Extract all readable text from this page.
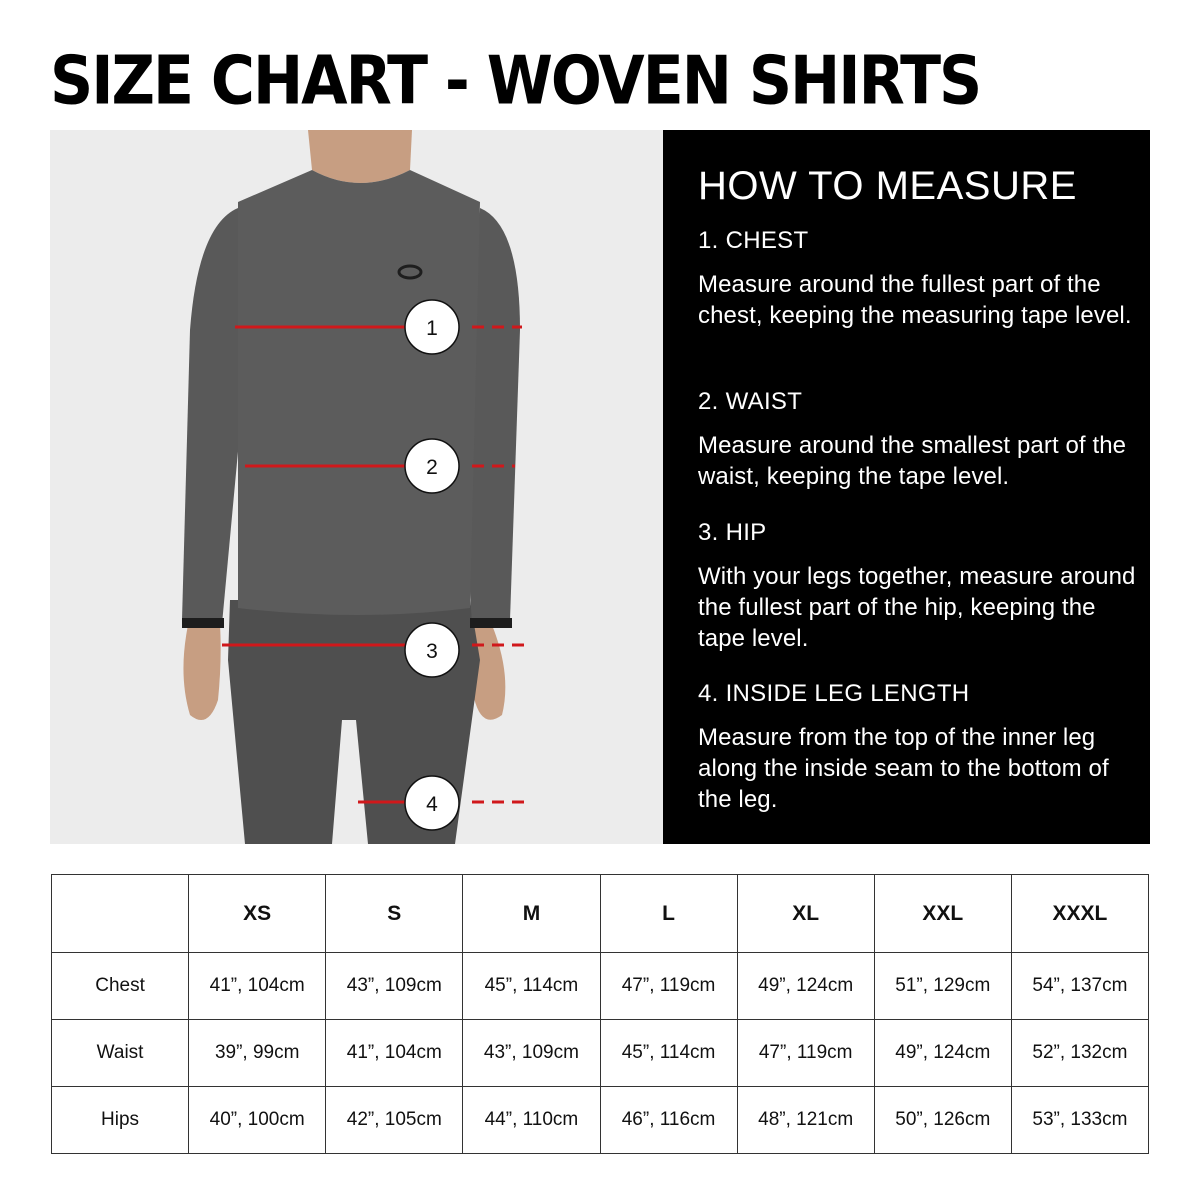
SIZE CHART - WOVEN SHIRTS
1
2
3
4
HOW TO MEASURE
1. CHEST
Measure around the fullest part of the chest, keeping the measuring tape level.
2. WAIST
Measure around the smallest part of the waist, keeping the tape level.
3. HIP
With your legs together, measure around the fullest part of the hip, keeping the tape level.
4. INSIDE LEG LENGTH
Measure from the top of the inner leg along the inside seam to the bottom of the leg.
	XS	S	M	L	XL	XXL	XXXL
Chest	41”, 104cm	43”, 109cm	45”, 114cm	47”, 119cm	49”, 124cm	51”, 129cm	54”, 137cm
Waist	39”, 99cm	41”, 104cm	43”, 109cm	45”, 114cm	47”, 119cm	49”, 124cm	52”, 132cm
Hips	40”, 100cm	42”, 105cm	44”, 110cm	46”, 116cm	48”, 121cm	50”, 126cm	53”, 133cm
